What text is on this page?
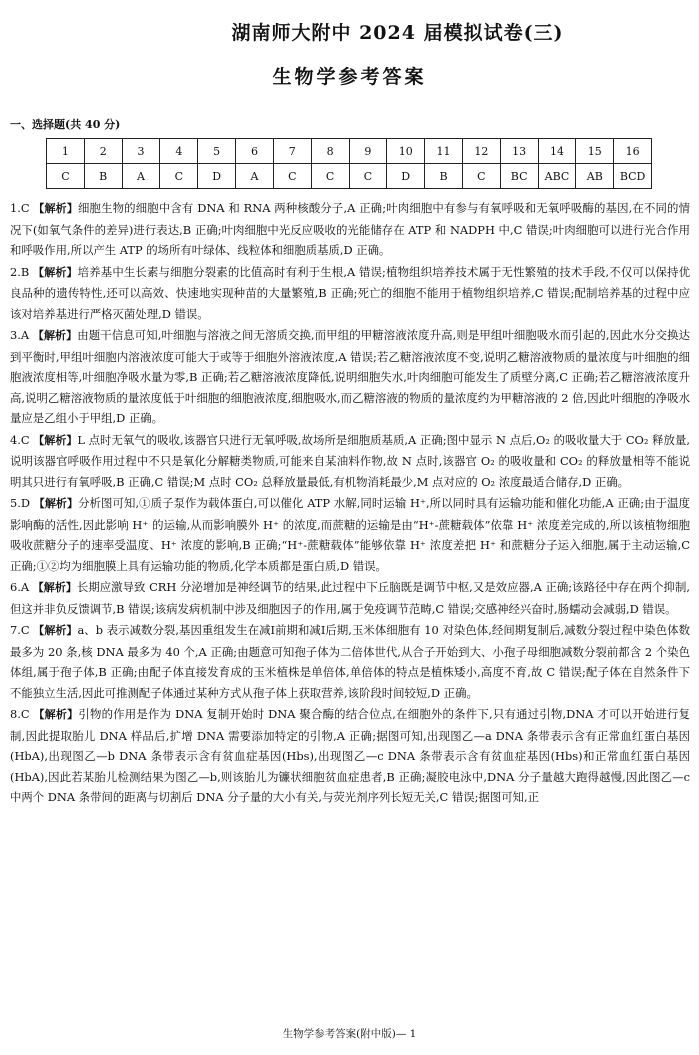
湖南师大附中 2024 届模拟试卷(三)
生物学参考答案
一、选择题(共 40 分)
1	2	3	4	5	6	7	8	9	10	11	12	13	14	15	16
C	B	A	C	D	A	C	C	C	D	B	C	BC	ABC	AB	BCD

1.C 【解析】细胞生物的细胞中含有 DNA 和 RNA 两种核酸分子,A 正确;叶肉细胞中有参与有氧呼吸和无氧呼吸酶的基因,在不同的情况下(如氧气条件的差异)进行表达,B 正确;叶肉细胞中光反应吸收的光能储存在 ATP 和 NADPH 中,C 错误;叶肉细胞可以进行光合作用和呼吸作用,所以产生 ATP 的场所有叶绿体、线粒体和细胞质基质,D 正确。

2.B 【解析】培养基中生长素与细胞分裂素的比值高时有利于生根,A 错误;植物组织培养技术属于无性繁殖的技术手段,不仅可以保持优良品种的遗传特性,还可以高效、快速地实现种苗的大量繁殖,B 正确;死亡的细胞不能用于植物组织培养,C 错误;配制培养基的过程中应该对培养基进行严格灭菌处理,D 错误。

3.A 【解析】由题干信息可知,叶细胞与溶液之间无溶质交换,而甲组的甲糖溶液浓度升高,则是甲组叶细胞吸水而引起的,因此水分交换达到平衡时,甲组叶细胞内溶液浓度可能大于或等于细胞外溶液浓度,A 错误;若乙糖溶液浓度不变,说明乙糖溶液物质的量浓度与叶细胞的细胞液浓度相等,叶细胞净吸水量为零,B 正确;若乙糖溶液浓度降低,说明细胞失水,叶肉细胞可能发生了质壁分离,C 正确;若乙糖溶液浓度升高,说明乙糖溶液物质的量浓度低于叶细胞的细胞液浓度,细胞吸水,而乙糖溶液的物质的量浓度约为甲糖溶液的 2 倍,因此叶细胞的净吸水量应是乙组小于甲组,D 正确。

4.C 【解析】L 点时无氧气的吸收,该器官只进行无氧呼吸,故场所是细胞质基质,A 正确;图中显示 N 点后,O₂ 的吸收量大于 CO₂ 释放量,说明该器官呼吸作用过程中不只是氧化分解糖类物质,可能来自某油料作物,故 N 点时,该器官 O₂ 的吸收量和 CO₂ 的释放量相等不能说明其只进行有氧呼吸,B 正确,C 错误;M 点时 CO₂ 总释放量最低,有机物消耗最少,M 点对应的 O₂ 浓度最适合储存,D 正确。

5.D 【解析】分析图可知,①质子泵作为载体蛋白,可以催化 ATP 水解,同时运输 H⁺,所以同时具有运输功能和催化功能,A 正确;由于温度影响酶的活性,因此影响 H⁺ 的运输,从而影响膜外 H⁺ 的浓度,而蔗糖的运输是由“H⁺-蔗糖载体”依靠 H⁺ 浓度差完成的,所以该植物细胞吸收蔗糖分子的速率受温度、H⁺ 浓度的影响,B 正确;“H⁺-蔗糖载体”能够依靠 H⁺ 浓度差把 H⁺ 和蔗糖分子运入细胞,属于主动运输,C 正确;①②均为细胞膜上具有运输功能的物质,化学本质都是蛋白质,D 错误。

6.A 【解析】长期应激导致 CRH 分泌增加是神经调节的结果,此过程中下丘脑既是调节中枢,又是效应器,A 正确;该路径中存在两个抑制,但这并非负反馈调节,B 错误;该病发病机制中涉及细胞因子的作用,属于免疫调节范畴,C 错误;交感神经兴奋时,肠蠕动会减弱,D 错误。

7.C 【解析】a、b 表示减数分裂,基因重组发生在减Ⅰ前期和减Ⅰ后期,玉米体细胞有 10 对染色体,经间期复制后,减数分裂过程中染色体数最多为 20 条,核 DNA 最多为 40 个,A 正确;由题意可知孢子体为二倍体世代,从合子开始到大、小孢子母细胞减数分裂前都含 2 个染色体组,属于孢子体,B 正确;由配子体直接发育成的玉米植株是单倍体,单倍体的特点是植株矮小,高度不育,故 C 错误;配子体在自然条件下不能独立生活,因此可推测配子体通过某种方式从孢子体上获取营养,该阶段时间较短,D 正确。

8.C 【解析】引物的作用是作为 DNA 复制开始时 DNA 聚合酶的结合位点,在细胞外的条件下,只有通过引物,DNA 才可以开始进行复制,因此提取胎儿 DNA 样品后,扩增 DNA 需要添加特定的引物,A 正确;据图可知,出现图乙—a DNA 条带表示含有正常血红蛋白基因(HbA),出现图乙—b DNA 条带表示含有贫血症基因(Hbs),出现图乙—c DNA 条带表示含有贫血症基因(Hbs)和正常血红蛋白基因(HbA),因此若某胎儿检测结果为图乙—b,则该胎儿为镰状细胞贫血症患者,B 正确;凝胶电泳中,DNA 分子量越大跑得越慢,因此图乙—c 中两个 DNA 条带间的距离与切割后 DNA 分子量的大小有关,与荧光剂序列长短无关,C 错误;据图可知,正

生物学参考答案(附中版)— 1
